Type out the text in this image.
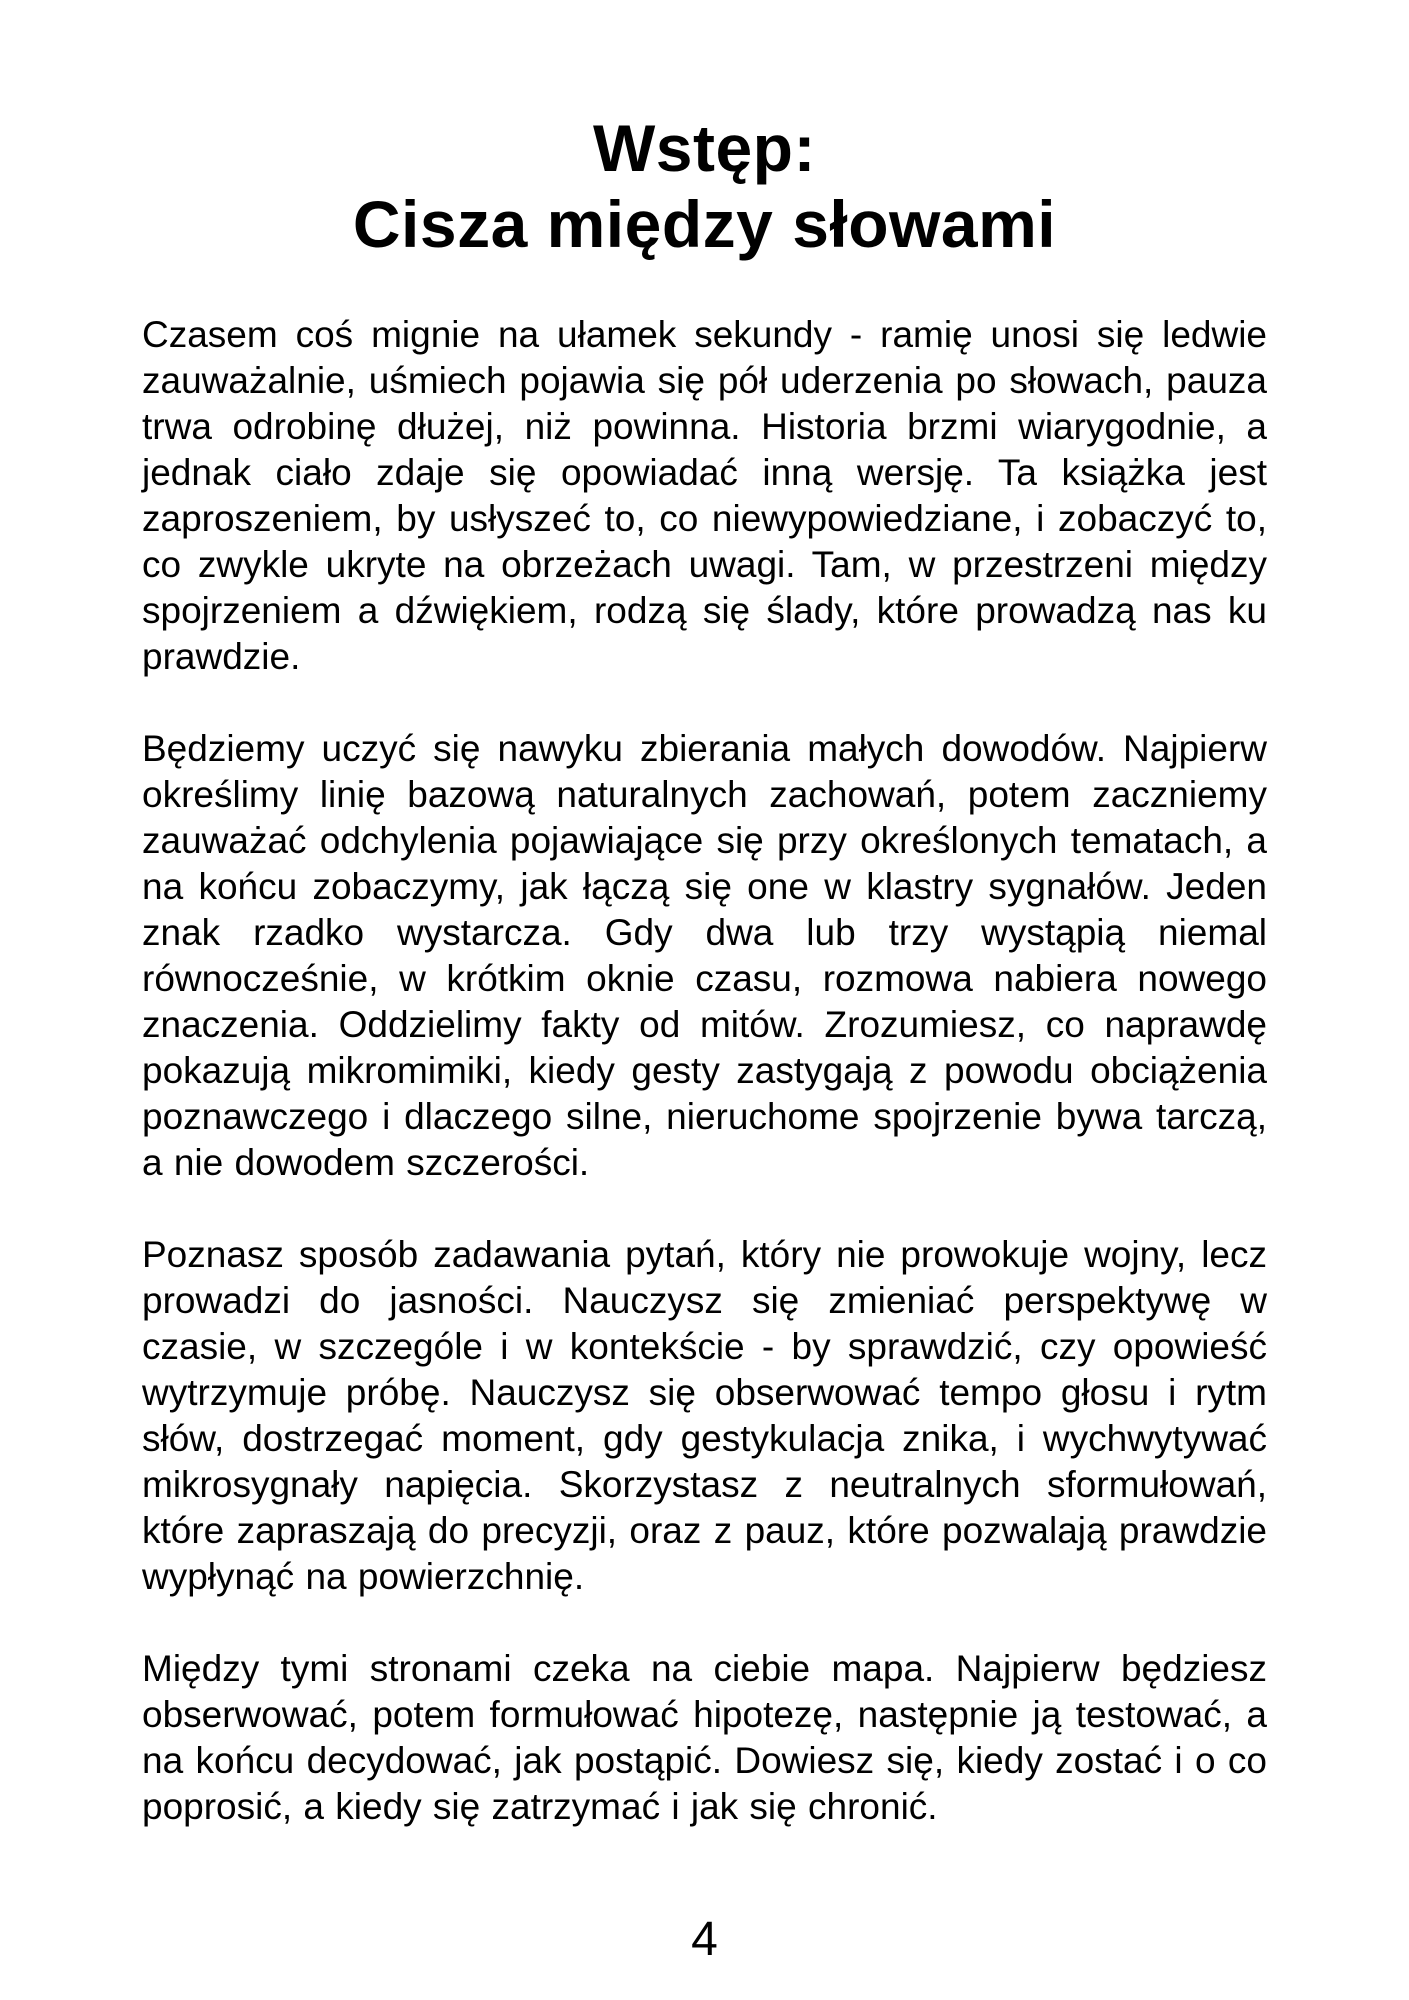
Wstęp:
Cisza między słowami

Czasem coś mignie na ułamek sekundy - ramię unosi się ledwie zauważalnie, uśmiech pojawia się pół uderzenia po słowach, pauza trwa odrobinę dłużej, niż powinna. Historia brzmi wiarygodnie, a jednak ciało zdaje się opowiadać inną wersję. Ta książka jest zaproszeniem, by usłyszeć to, co niewypowiedziane, i zobaczyć to, co zwykle ukryte na obrzeżach uwagi. Tam, w przestrzeni między spojrzeniem a dźwiękiem, rodzą się ślady, które prowadzą nas ku prawdzie.

Będziemy uczyć się nawyku zbierania małych dowodów. Najpierw określimy linię bazową naturalnych zachowań, potem zaczniemy zauważać odchylenia pojawiające się przy określonych tematach, a na końcu zobaczymy, jak łączą się one w klastry sygnałów. Jeden znak rzadko wystarcza. Gdy dwa lub trzy wystąpią niemal równocześnie, w krótkim oknie czasu, rozmowa nabiera nowego znaczenia. Oddzielimy fakty od mitów. Zrozumiesz, co naprawdę pokazują mikromimiki, kiedy gesty zastygają z powodu obciążenia poznawczego i dlaczego silne, nieruchome spojrzenie bywa tarczą, a nie dowodem szczerości.

Poznasz sposób zadawania pytań, który nie prowokuje wojny, lecz prowadzi do jasności. Nauczysz się zmieniać perspektywę w czasie, w szczególe i w kontekście - by sprawdzić, czy opowieść wytrzymuje próbę. Nauczysz się obserwować tempo głosu i rytm słów, dostrzegać moment, gdy gestykulacja znika, i wychwytywać mikrosygnały napięcia. Skorzystasz z neutralnych sformułowań, które zapraszają do precyzji, oraz z pauz, które pozwalają prawdzie wypłynąć na powierzchnię.

Między tymi stronami czeka na ciebie mapa. Najpierw będziesz obserwować, potem formułować hipotezę, następnie ją testować, a na końcu decydować, jak postąpić. Dowiesz się, kiedy zostać i o co poprosić, a kiedy się zatrzymać i jak się chronić.

4
